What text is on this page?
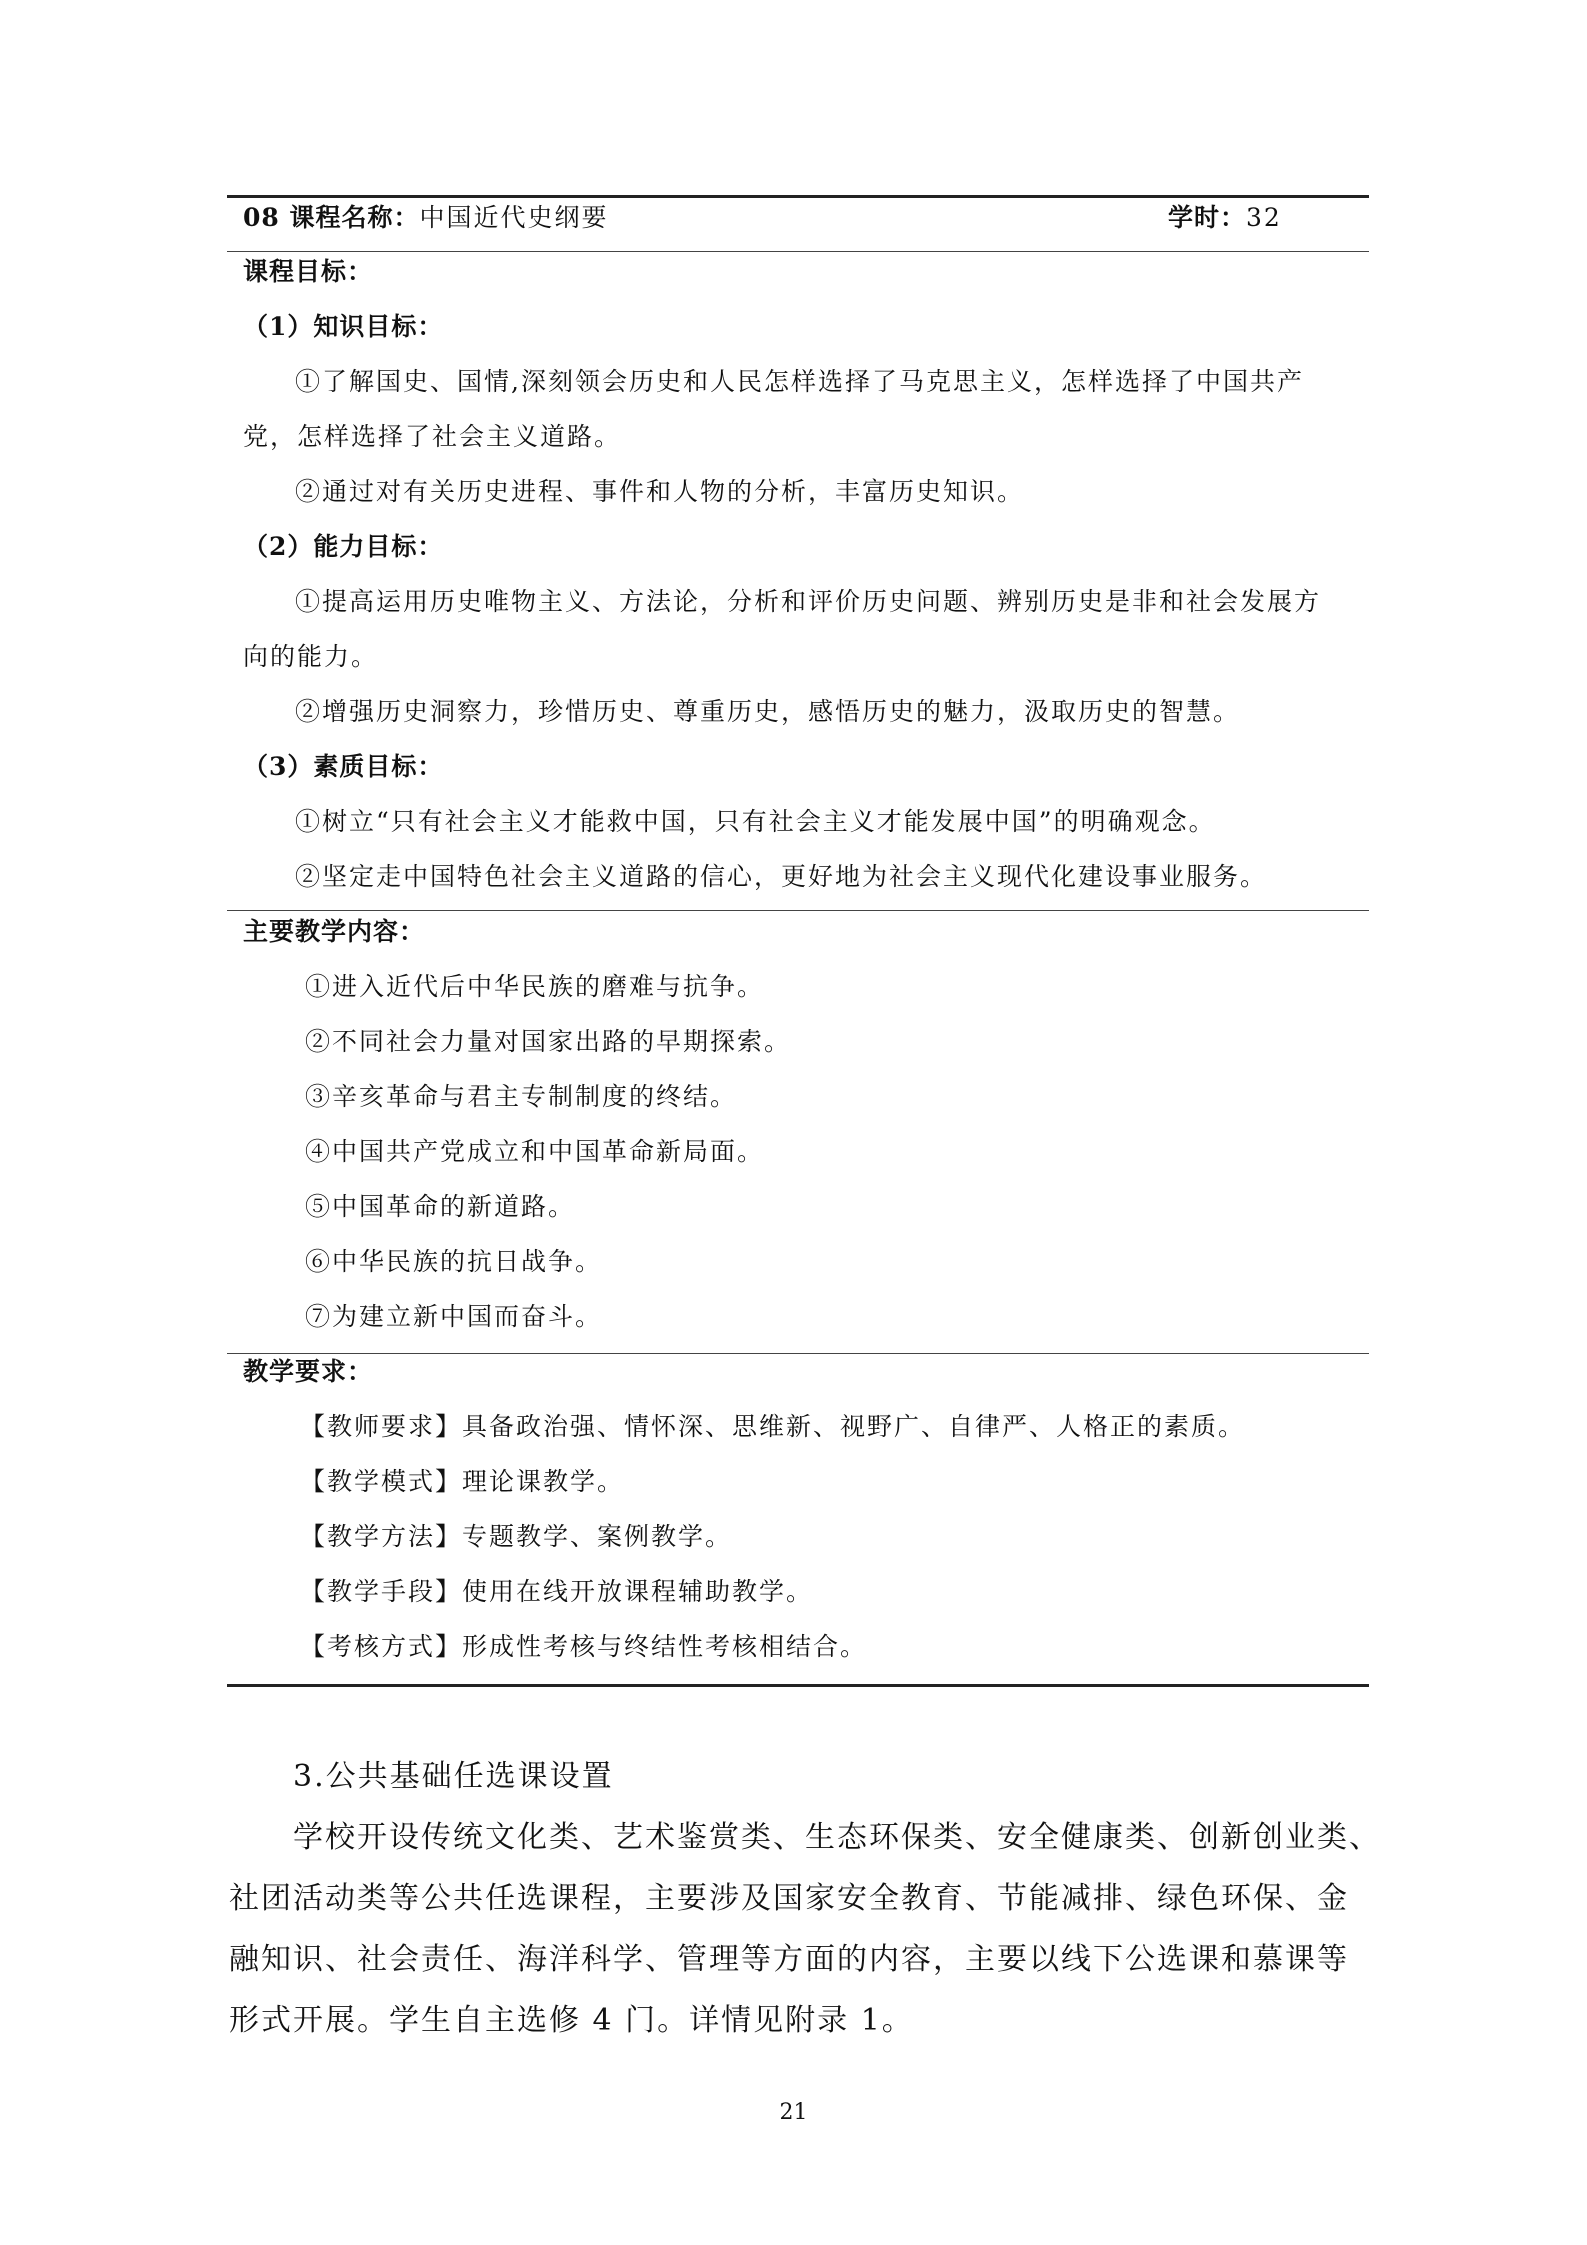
08 课程名称：中国近代史纲要	学时：32
课程目标：
（1）知识目标：
①了解国史、国情,深刻领会历史和人民怎样选择了马克思主义，怎样选择了中国共产
党，怎样选择了社会主义道路。
②通过对有关历史进程、事件和人物的分析，丰富历史知识。
（2）能力目标：
①提高运用历史唯物主义、方法论，分析和评价历史问题、辨别历史是非和社会发展方
向的能力。
②增强历史洞察力，珍惜历史、尊重历史，感悟历史的魅力，汲取历史的智慧。
（3）素质目标：
①树立“只有社会主义才能救中国，只有社会主义才能发展中国”的明确观念。
②坚定走中国特色社会主义道路的信心，更好地为社会主义现代化建设事业服务。
主要教学内容：
①进入近代后中华民族的磨难与抗争。
②不同社会力量对国家出路的早期探索。
③辛亥革命与君主专制制度的终结。
④中国共产党成立和中国革命新局面。
⑤中国革命的新道路。
⑥中华民族的抗日战争。
⑦为建立新中国而奋斗。
教学要求：
【教师要求】具备政治强、情怀深、思维新、视野广、自律严、人格正的素质。
【教学模式】理论课教学。
【教学方法】专题教学、案例教学。
【教学手段】使用在线开放课程辅助教学。
【考核方式】形成性考核与终结性考核相结合。
3.公共基础任选课设置
学校开设传统文化类、艺术鉴赏类、生态环保类、安全健康类、创新创业类、
社团活动类等公共任选课程，主要涉及国家安全教育、节能减排、绿色环保、金
融知识、社会责任、海洋科学、管理等方面的内容，主要以线下公选课和慕课等
形式开展。学生自主选修 4 门。详情见附录 1。
21
